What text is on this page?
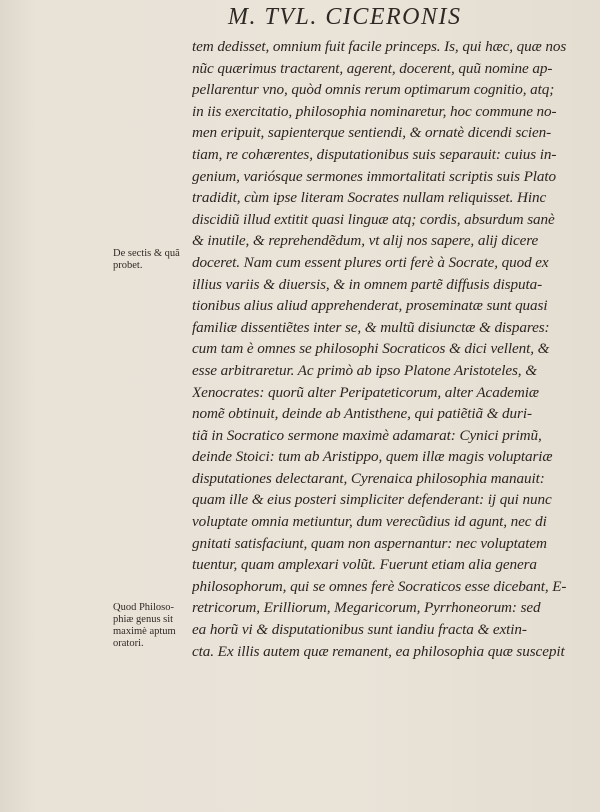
M. TVL. CICERONIS
tem dedisset, omnium fuit facile princeps. Is, qui hæc, quæ nos
nũc quærimus tractarent, agerent, docerent, quũ nomine ap-
pellarentur vno, quòd omnis rerum optimarum cognitio, atq;
in iis exercitatio, philosophia nominaretur, hoc commune no-
men eripuit, sapienterque sentiendi, & ornatè dicendi scien-
tiam, re cohærentes, disputationibus suis separauit: cuius in-
genium, variósque sermones immortalitati scriptis suis Plato
tradidit, cùm ipse literam Socrates nullam reliquisset. Hinc
discidiũ illud extitit quasi linguæ atq; cordis, absurdum sanè
& inutile, & reprehendẽdum, vt alij nos sapere, alij dicere
doceret. Nam cum essent plures orti ferè à Socrate, quod ex
illius variis & diuersis, & in omnem partẽ diffusis disputa-
tionibus alius aliud apprehenderat, proseminatæ sunt quasi
familiæ dissentiẽtes inter se, & multũ disiunctæ & dispares:
cum tam è omnes se philosophi Socraticos & dici vellent, &
esse arbitraretur. Ac primò ab ipso Platone Aristoteles, &
Xenocrates: quorũ alter Peripateticorum, alter Academiæ
nomẽ obtinuit, deinde ab Antisthene, qui patiẽtiã & duri-
tiã in Socratico sermone maximè adamarat: Cynici primũ,
deinde Stoici: tum ab Aristippo, quem illæ magis voluptariæ
disputationes delectarant, Cyrenaica philosophia manauit:
quam ille & eius posteri simpliciter defenderant: ij qui nunc
voluptate omnia metiuntur, dum verecũdius id agunt, nec di
gnitati satisfaciunt, quam non aspernantur: nec voluptatem
tuentur, quam amplexari volũt. Fuerunt etiam alia genera
philosophorum, qui se omnes ferè Socraticos esse dicebant, E-
retricorum, Erilliorum, Megaricorum, Pyrrhoneorum: sed
ea horũ vi & disputationibus sunt iandiu fracta & extin-
cta. Ex illis autem quæ remanent, ea philosophia quæ suscepit
De sectis & quã
probet.
Quod Philoso-
phiæ genus sit
maximè aptum
oratori.
